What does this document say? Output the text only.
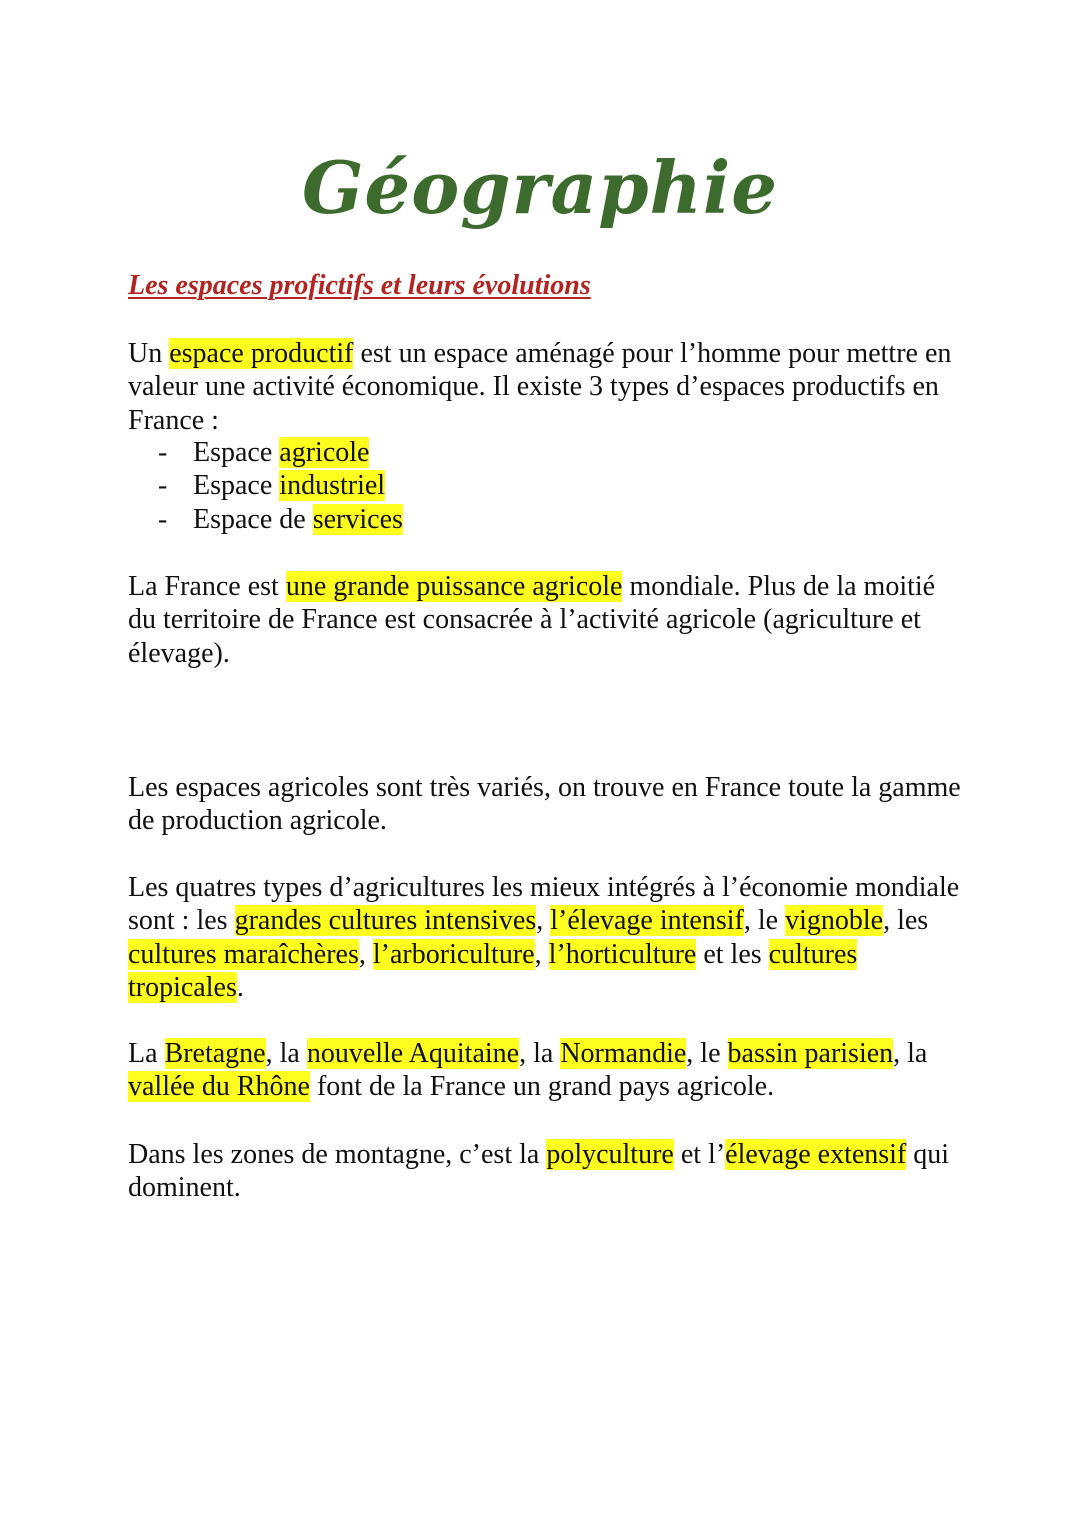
Géographie
Les espaces profictifs et leurs évolutions

Un espace productif est un espace aménagé pour l’homme pour mettre en valeur une activité économique. Il existe 3 types d’espaces productifs en France :

- Espace agricole
- Espace industriel
- Espace de services

La France est une grande puissance agricole mondiale. Plus de la moitié du territoire de France est consacrée à l’activité agricole (agriculture et élevage).

Les espaces agricoles sont très variés, on trouve en France toute la gamme de production agricole.

Les quatres types d’agricultures les mieux intégrés à l’économie mondiale sont : les grandes cultures intensives, l’élevage intensif, le vignoble, les cultures maraîchères, l’arboriculture, l’horticulture et les cultures tropicales.

La Bretagne, la nouvelle Aquitaine, la Normandie, le bassin parisien, la vallée du Rhône font de la France un grand pays agricole.

Dans les zones de montagne, c’est la polyculture et l’élevage extensif qui dominent.
